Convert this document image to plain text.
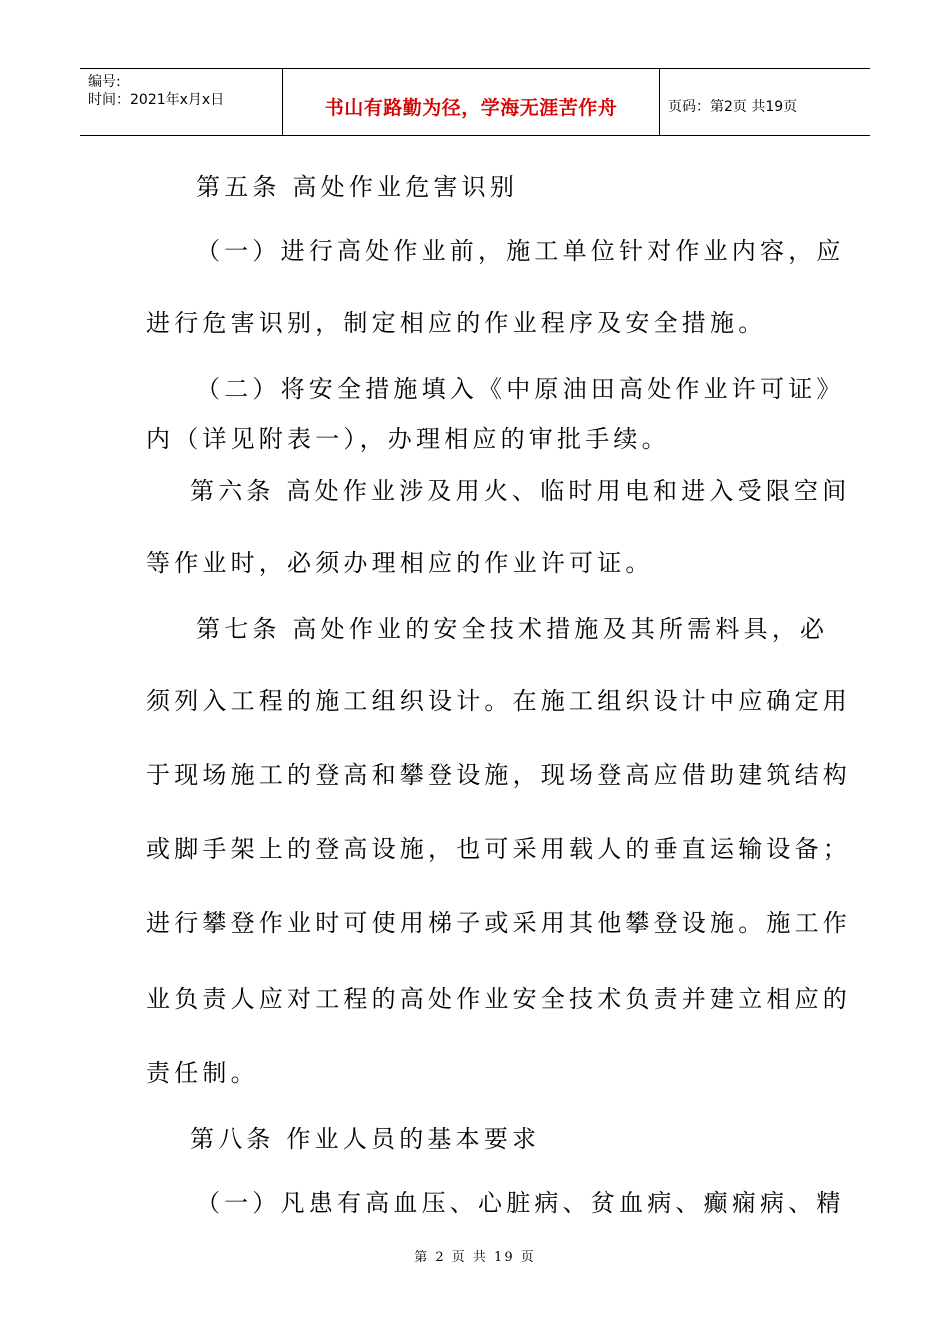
编号:
时间：2021年x月x日	书山有路勤为径，学海无涯苦作舟	页码：第2页 共19页
第五条 高处作业危害识别
（一）进行高处作业前，施工单位针对作业内容，应
进行危害识别，制定相应的作业程序及安全措施。
（二）将安全措施填入《中原油田高处作业许可证》
内（详见附表一），办理相应的审批手续。
第六条 高处作业涉及用火、临时用电和进入受限空间
等作业时，必须办理相应的作业许可证。
第七条 高处作业的安全技术措施及其所需料具，必
须列入工程的施工组织设计。在施工组织设计中应确定用
于现场施工的登高和攀登设施，现场登高应借助建筑结构
或脚手架上的登高设施，也可采用载人的垂直运输设备；
进行攀登作业时可使用梯子或采用其他攀登设施。施工作
业负责人应对工程的高处作业安全技术负责并建立相应的
责任制。
第八条 作业人员的基本要求
（一）凡患有高血压、心脏病、贫血病、癫痫病、精
第 2 页 共 19 页
